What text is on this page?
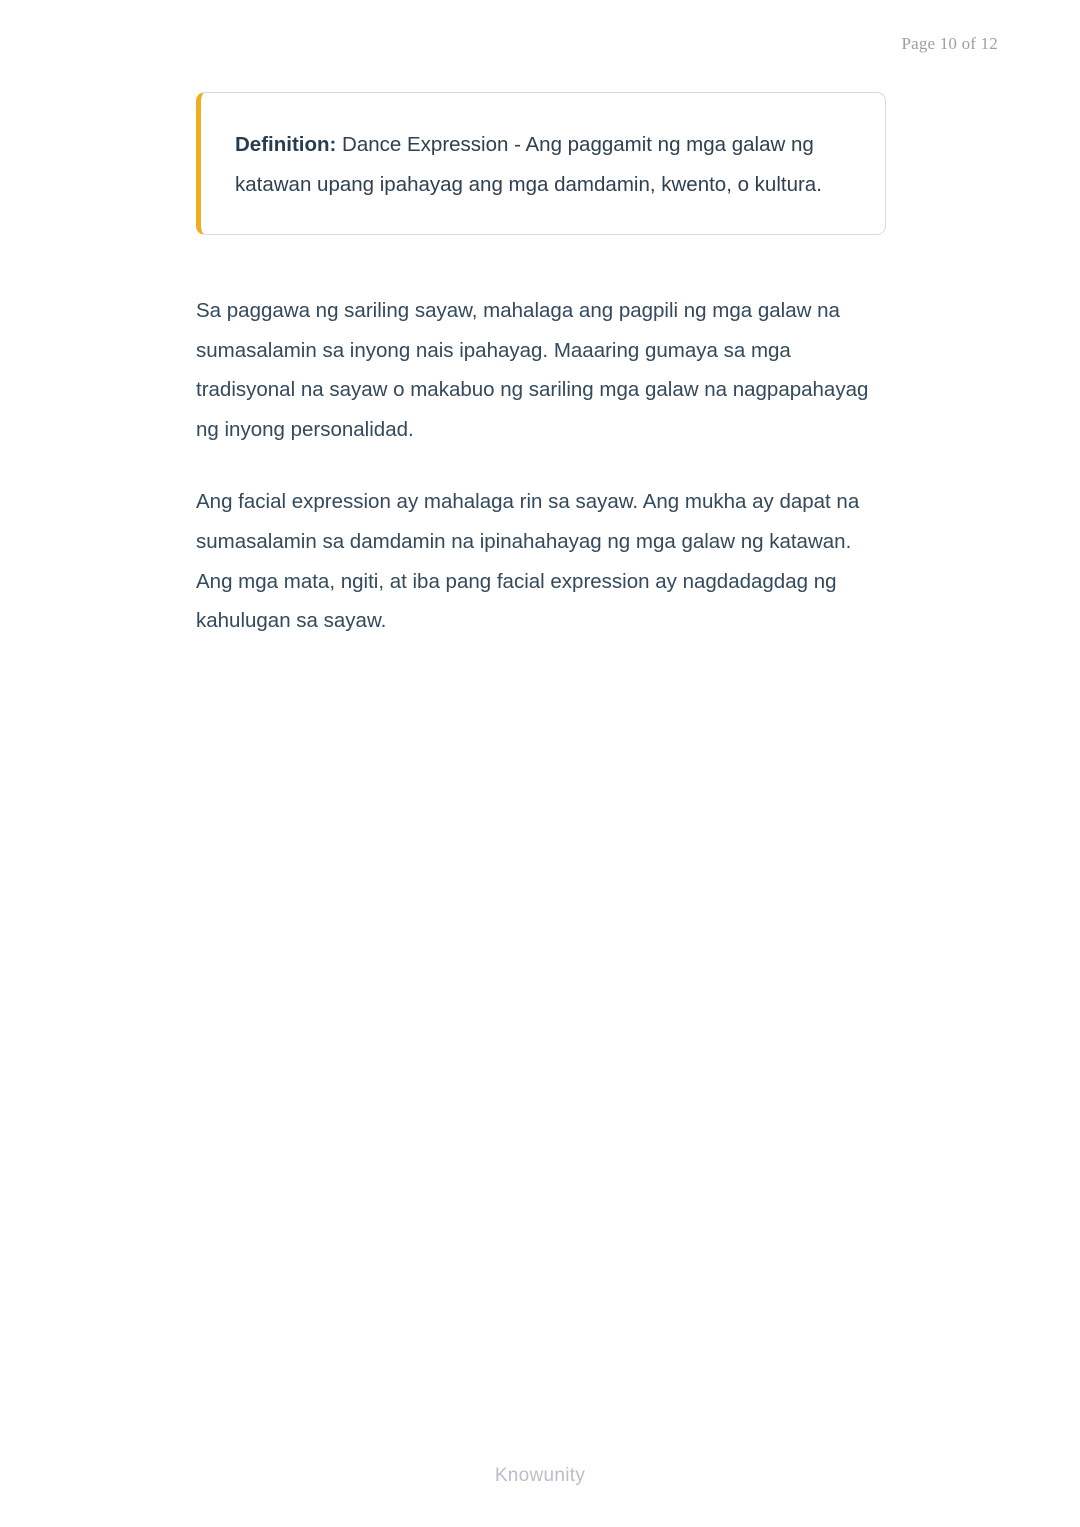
Page 10 of 12

Definition: Dance Expression - Ang paggamit ng mga galaw ng katawan upang ipahayag ang mga damdamin, kwento, o kultura.

Sa paggawa ng sariling sayaw, mahalaga ang pagpili ng mga galaw na sumasalamin sa inyong nais ipahayag. Maaaring gumaya sa mga tradisyonal na sayaw o makabuo ng sariling mga galaw na nagpapahayag ng inyong personalidad.

Ang facial expression ay mahalaga rin sa sayaw. Ang mukha ay dapat na sumasalamin sa damdamin na ipinahahayag ng mga galaw ng katawan. Ang mga mata, ngiti, at iba pang facial expression ay nagdadagdag ng kahulugan sa sayaw.

Knowunity
